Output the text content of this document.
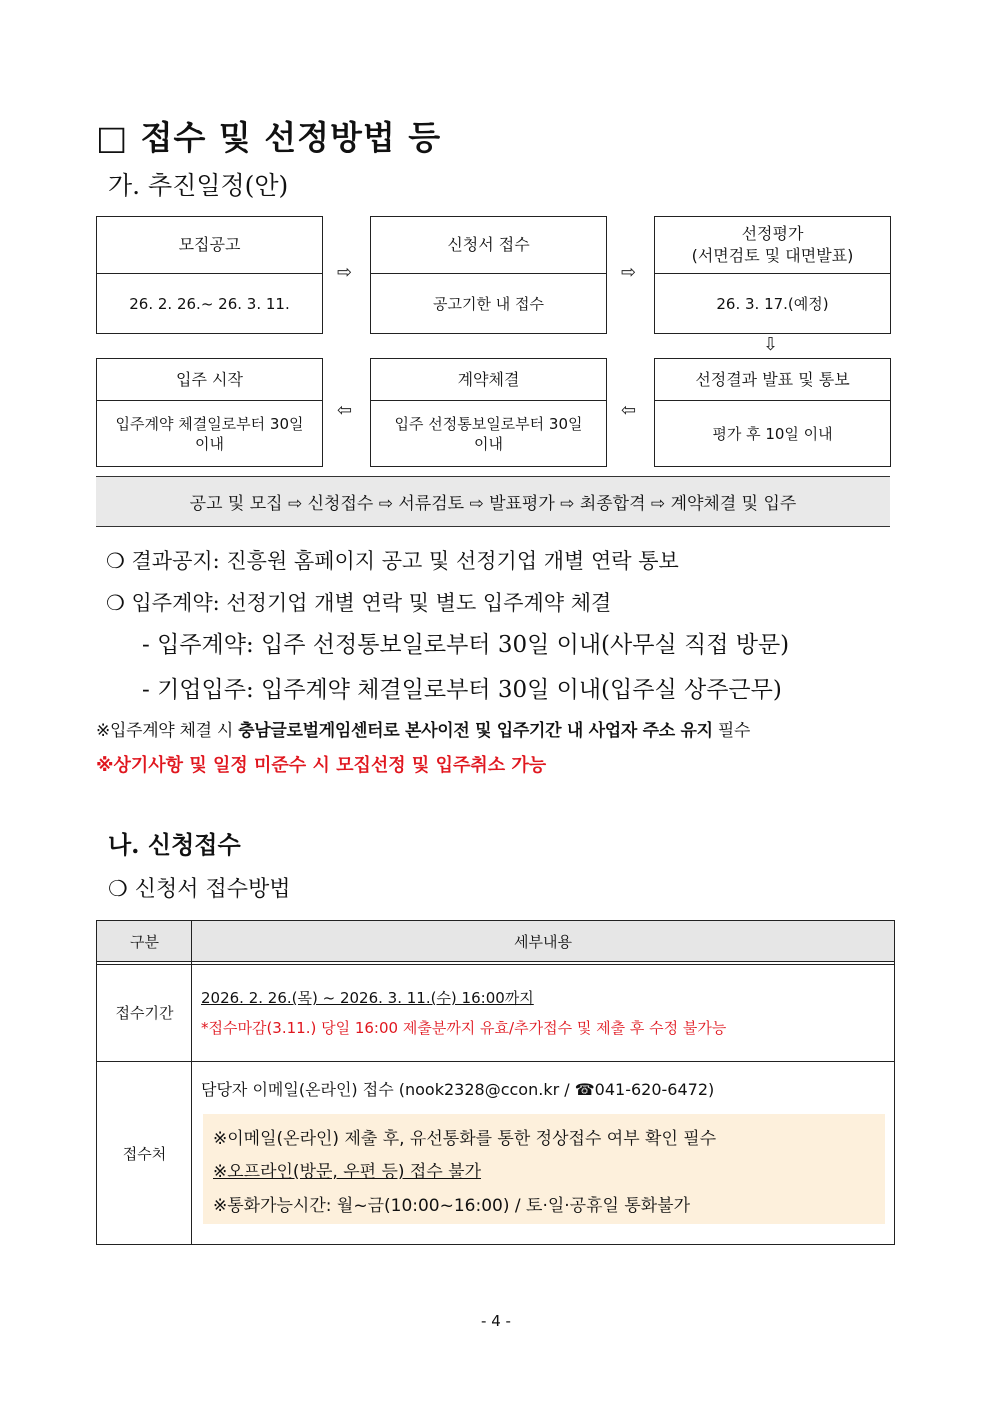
□ 접수 및 선정방법 등
가. 추진일정(안)
모집공고
26. 2. 26.~ 26. 3. 11.
⇨
신청서 접수
공고기한 내 접수
⇨
선정평가
(서면검토 및 대면발표)
26. 3. 17.(예정)
⇩
입주 시작
입주계약 체결일로부터 30일
이내
⇦
계약체결
입주 선정통보일로부터 30일
이내
⇦
선정결과 발표 및 통보
평가 후 10일 이내
공고 및 모집 ⇨ 신청접수 ⇨ 서류검토 ⇨ 발표평가 ⇨ 최종합격 ⇨ 계약체결 및 입주
❍ 결과공지: 진흥원 홈페이지 공고 및 선정기업 개별 연락 통보
❍ 입주계약: 선정기업 개별 연락 및 별도 입주계약 체결
- 입주계약: 입주 선정통보일로부터 30일 이내(사무실 직접 방문)
- 기업입주: 입주계약 체결일로부터 30일 이내(입주실 상주근무)
※입주계약 체결 시 충남글로벌게임센터로 본사이전 및 입주기간 내 사업자 주소 유지 필수
※상기사항 및 일정 미준수 시 모집선정 및 입주취소 가능
나. 신청접수
❍ 신청서 접수방법
구분	세부내용
접수기간
2026. 2. 26.(목) ~ 2026. 3. 11.(수) 16:00까지
*접수마감(3.11.) 당일 16:00 제출분까지 유효/추가접수 및 제출 후 수정 불가능
접수처
담당자 이메일(온라인) 접수 (nook2328@ccon.kr / ☎041-620-6472)
※이메일(온라인) 제출 후, 유선통화를 통한 정상접수 여부 확인 필수
※오프라인(방문, 우편 등) 접수 불가
※통화가능시간: 월~금(10:00~16:00) / 토·일·공휴일 통화불가
- 4 -
